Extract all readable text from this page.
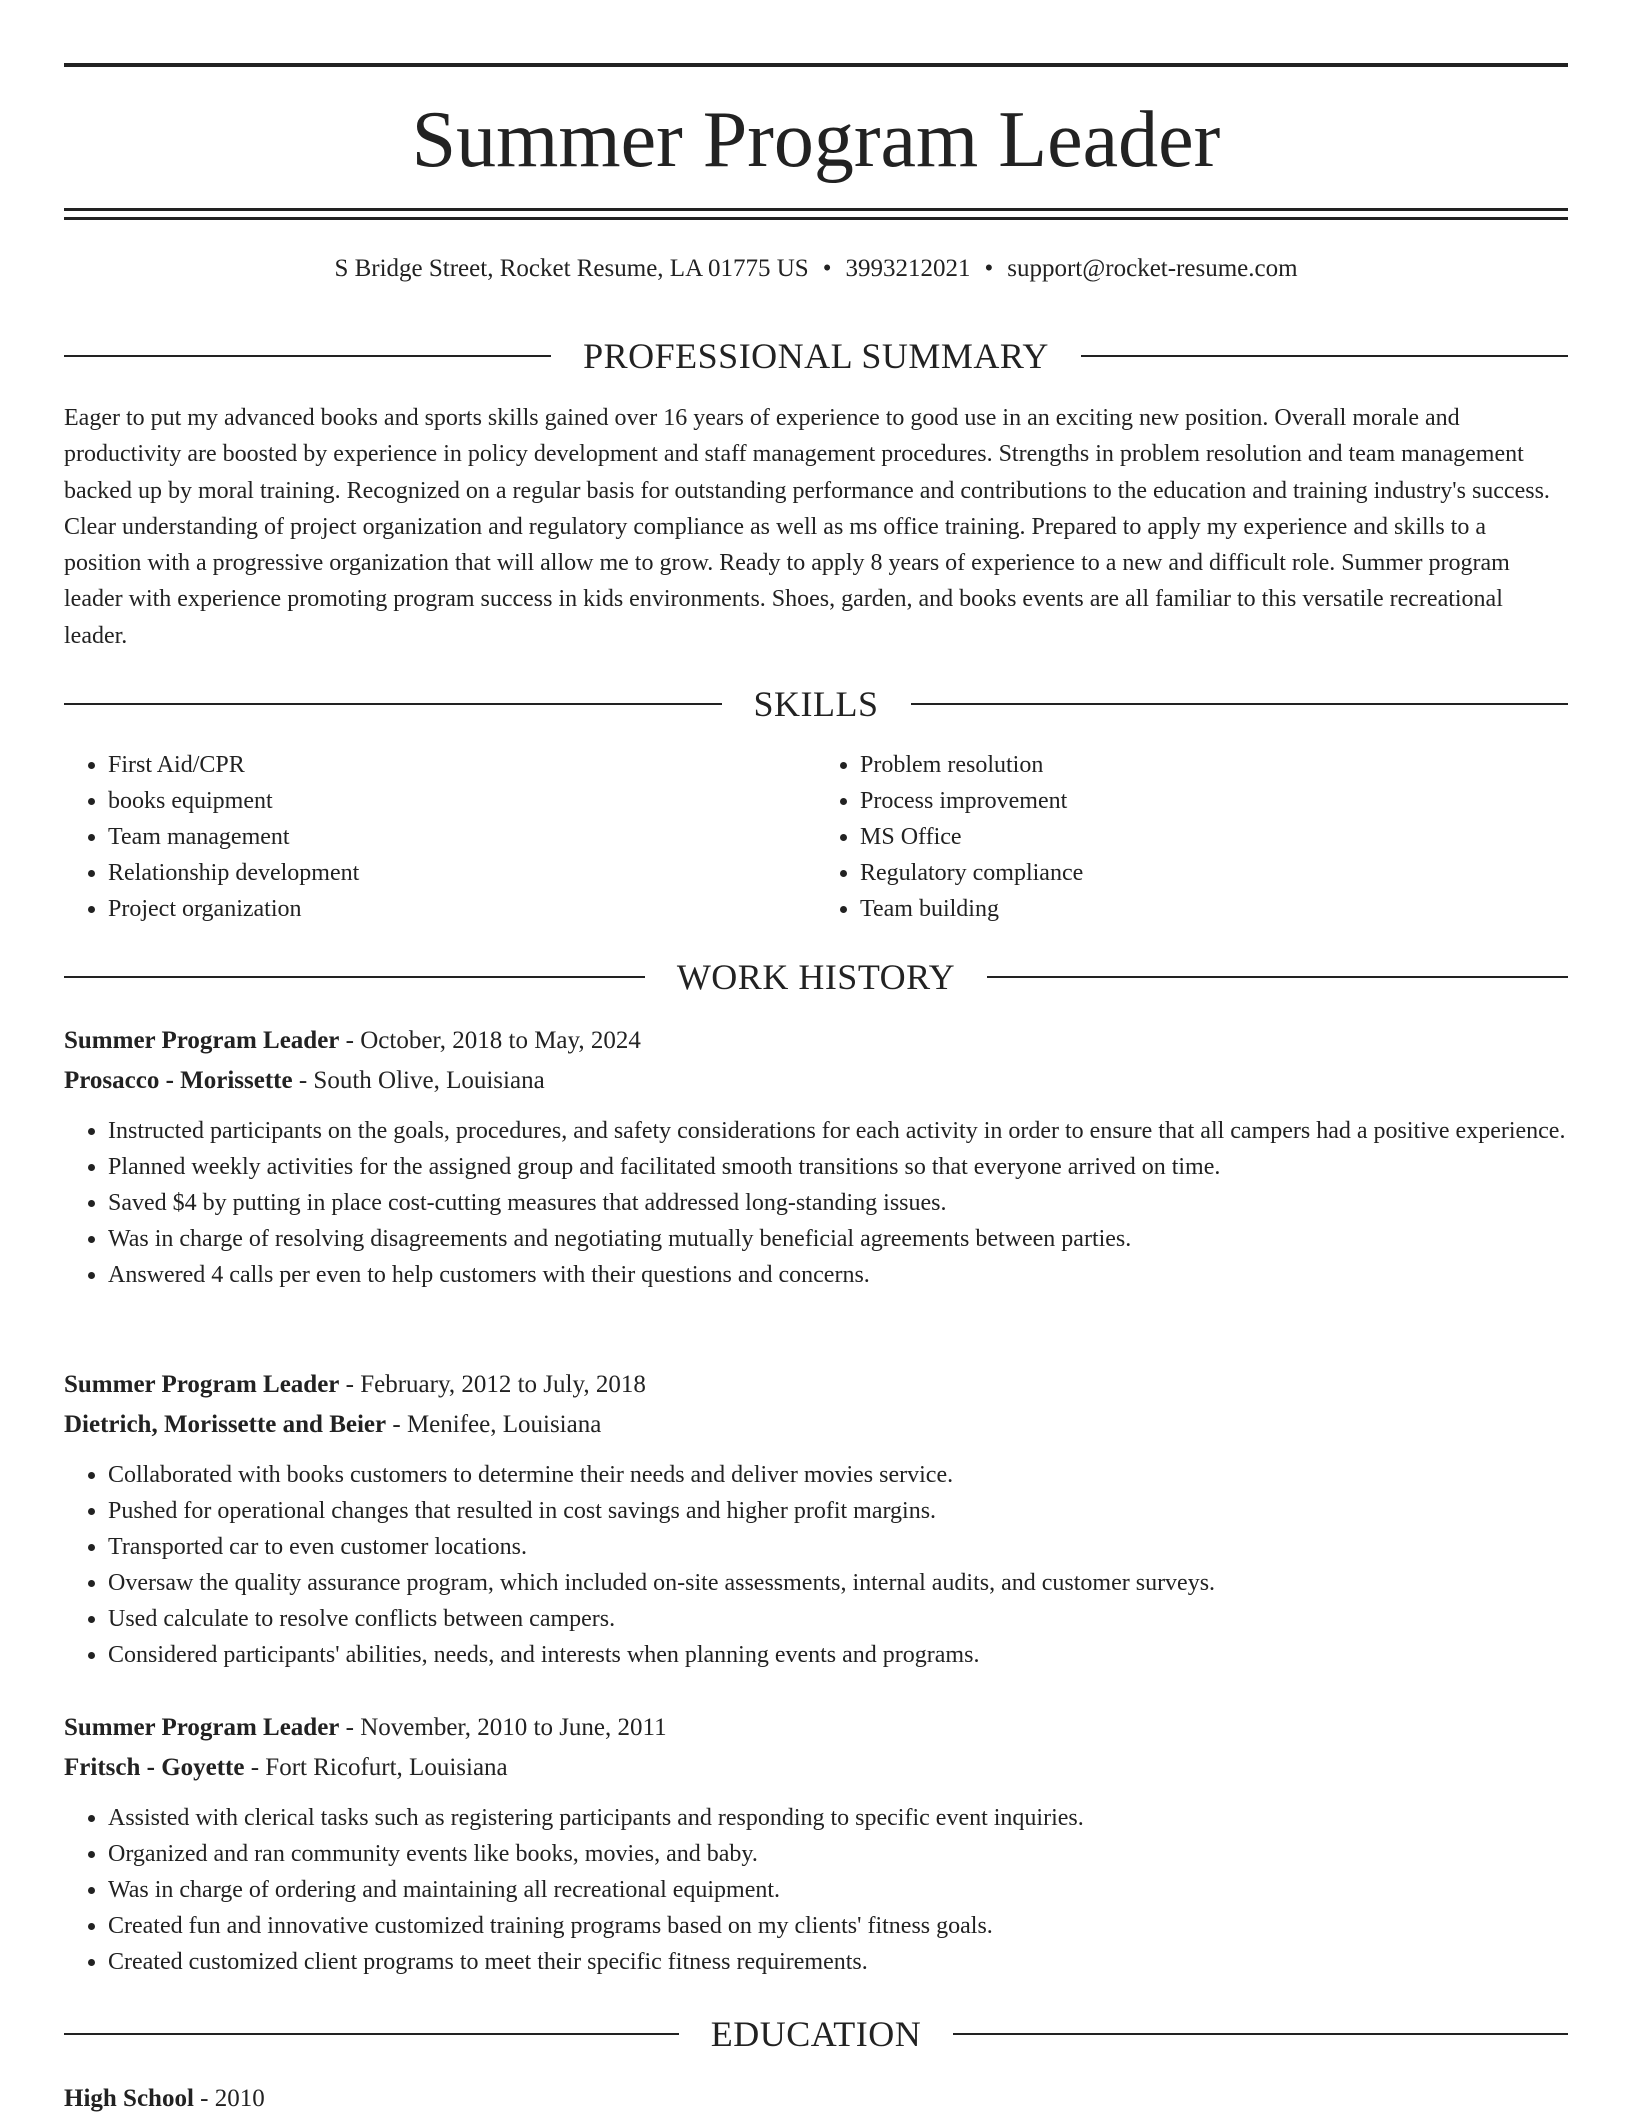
Summer Program Leader
S Bridge Street, Rocket Resume, LA 01775 US • 3993212021 • support@rocket-resume.com
PROFESSIONAL SUMMARY

Eager to put my advanced books and sports skills gained over 16 years of experience to good use in an exciting new position. Overall morale and productivity are boosted by experience in policy development and staff management procedures. Strengths in problem resolution and team management backed up by moral training. Recognized on a regular basis for outstanding performance and contributions to the education and training industry's success. Clear understanding of project organization and regulatory compliance as well as ms office training. Prepared to apply my experience and skills to a position with a progressive organization that will allow me to grow. Ready to apply 8 years of experience to a new and difficult role. Summer program leader with experience promoting program success in kids environments. Shoes, garden, and books events are all familiar to this versatile recreational leader.

SKILLS
• First Aid/CPR
• books equipment
• Team management
• Relationship development
• Project organization
• Problem resolution
• Process improvement
• MS Office
• Regulatory compliance
• Team building
WORK HISTORY
Summer Program Leader - October, 2018 to May, 2024
Prosacco - Morissette - South Olive, Louisiana
• Instructed participants on the goals, procedures, and safety considerations for each activity in order to ensure that all campers had a positive experience.
• Planned weekly activities for the assigned group and facilitated smooth transitions so that everyone arrived on time.
• Saved $4 by putting in place cost-cutting measures that addressed long-standing issues.
• Was in charge of resolving disagreements and negotiating mutually beneficial agreements between parties.
• Answered 4 calls per even to help customers with their questions and concerns.
Summer Program Leader - February, 2012 to July, 2018
Dietrich, Morissette and Beier - Menifee, Louisiana
• Collaborated with books customers to determine their needs and deliver movies service.
• Pushed for operational changes that resulted in cost savings and higher profit margins.
• Transported car to even customer locations.
• Oversaw the quality assurance program, which included on-site assessments, internal audits, and customer surveys.
• Used calculate to resolve conflicts between campers.
• Considered participants' abilities, needs, and interests when planning events and programs.
Summer Program Leader - November, 2010 to June, 2011
Fritsch - Goyette - Fort Ricofurt, Louisiana
• Assisted with clerical tasks such as registering participants and responding to specific event inquiries.
• Organized and ran community events like books, movies, and baby.
• Was in charge of ordering and maintaining all recreational equipment.
• Created fun and innovative customized training programs based on my clients' fitness goals.
• Created customized client programs to meet their specific fitness requirements.
EDUCATION
High School - 2010
